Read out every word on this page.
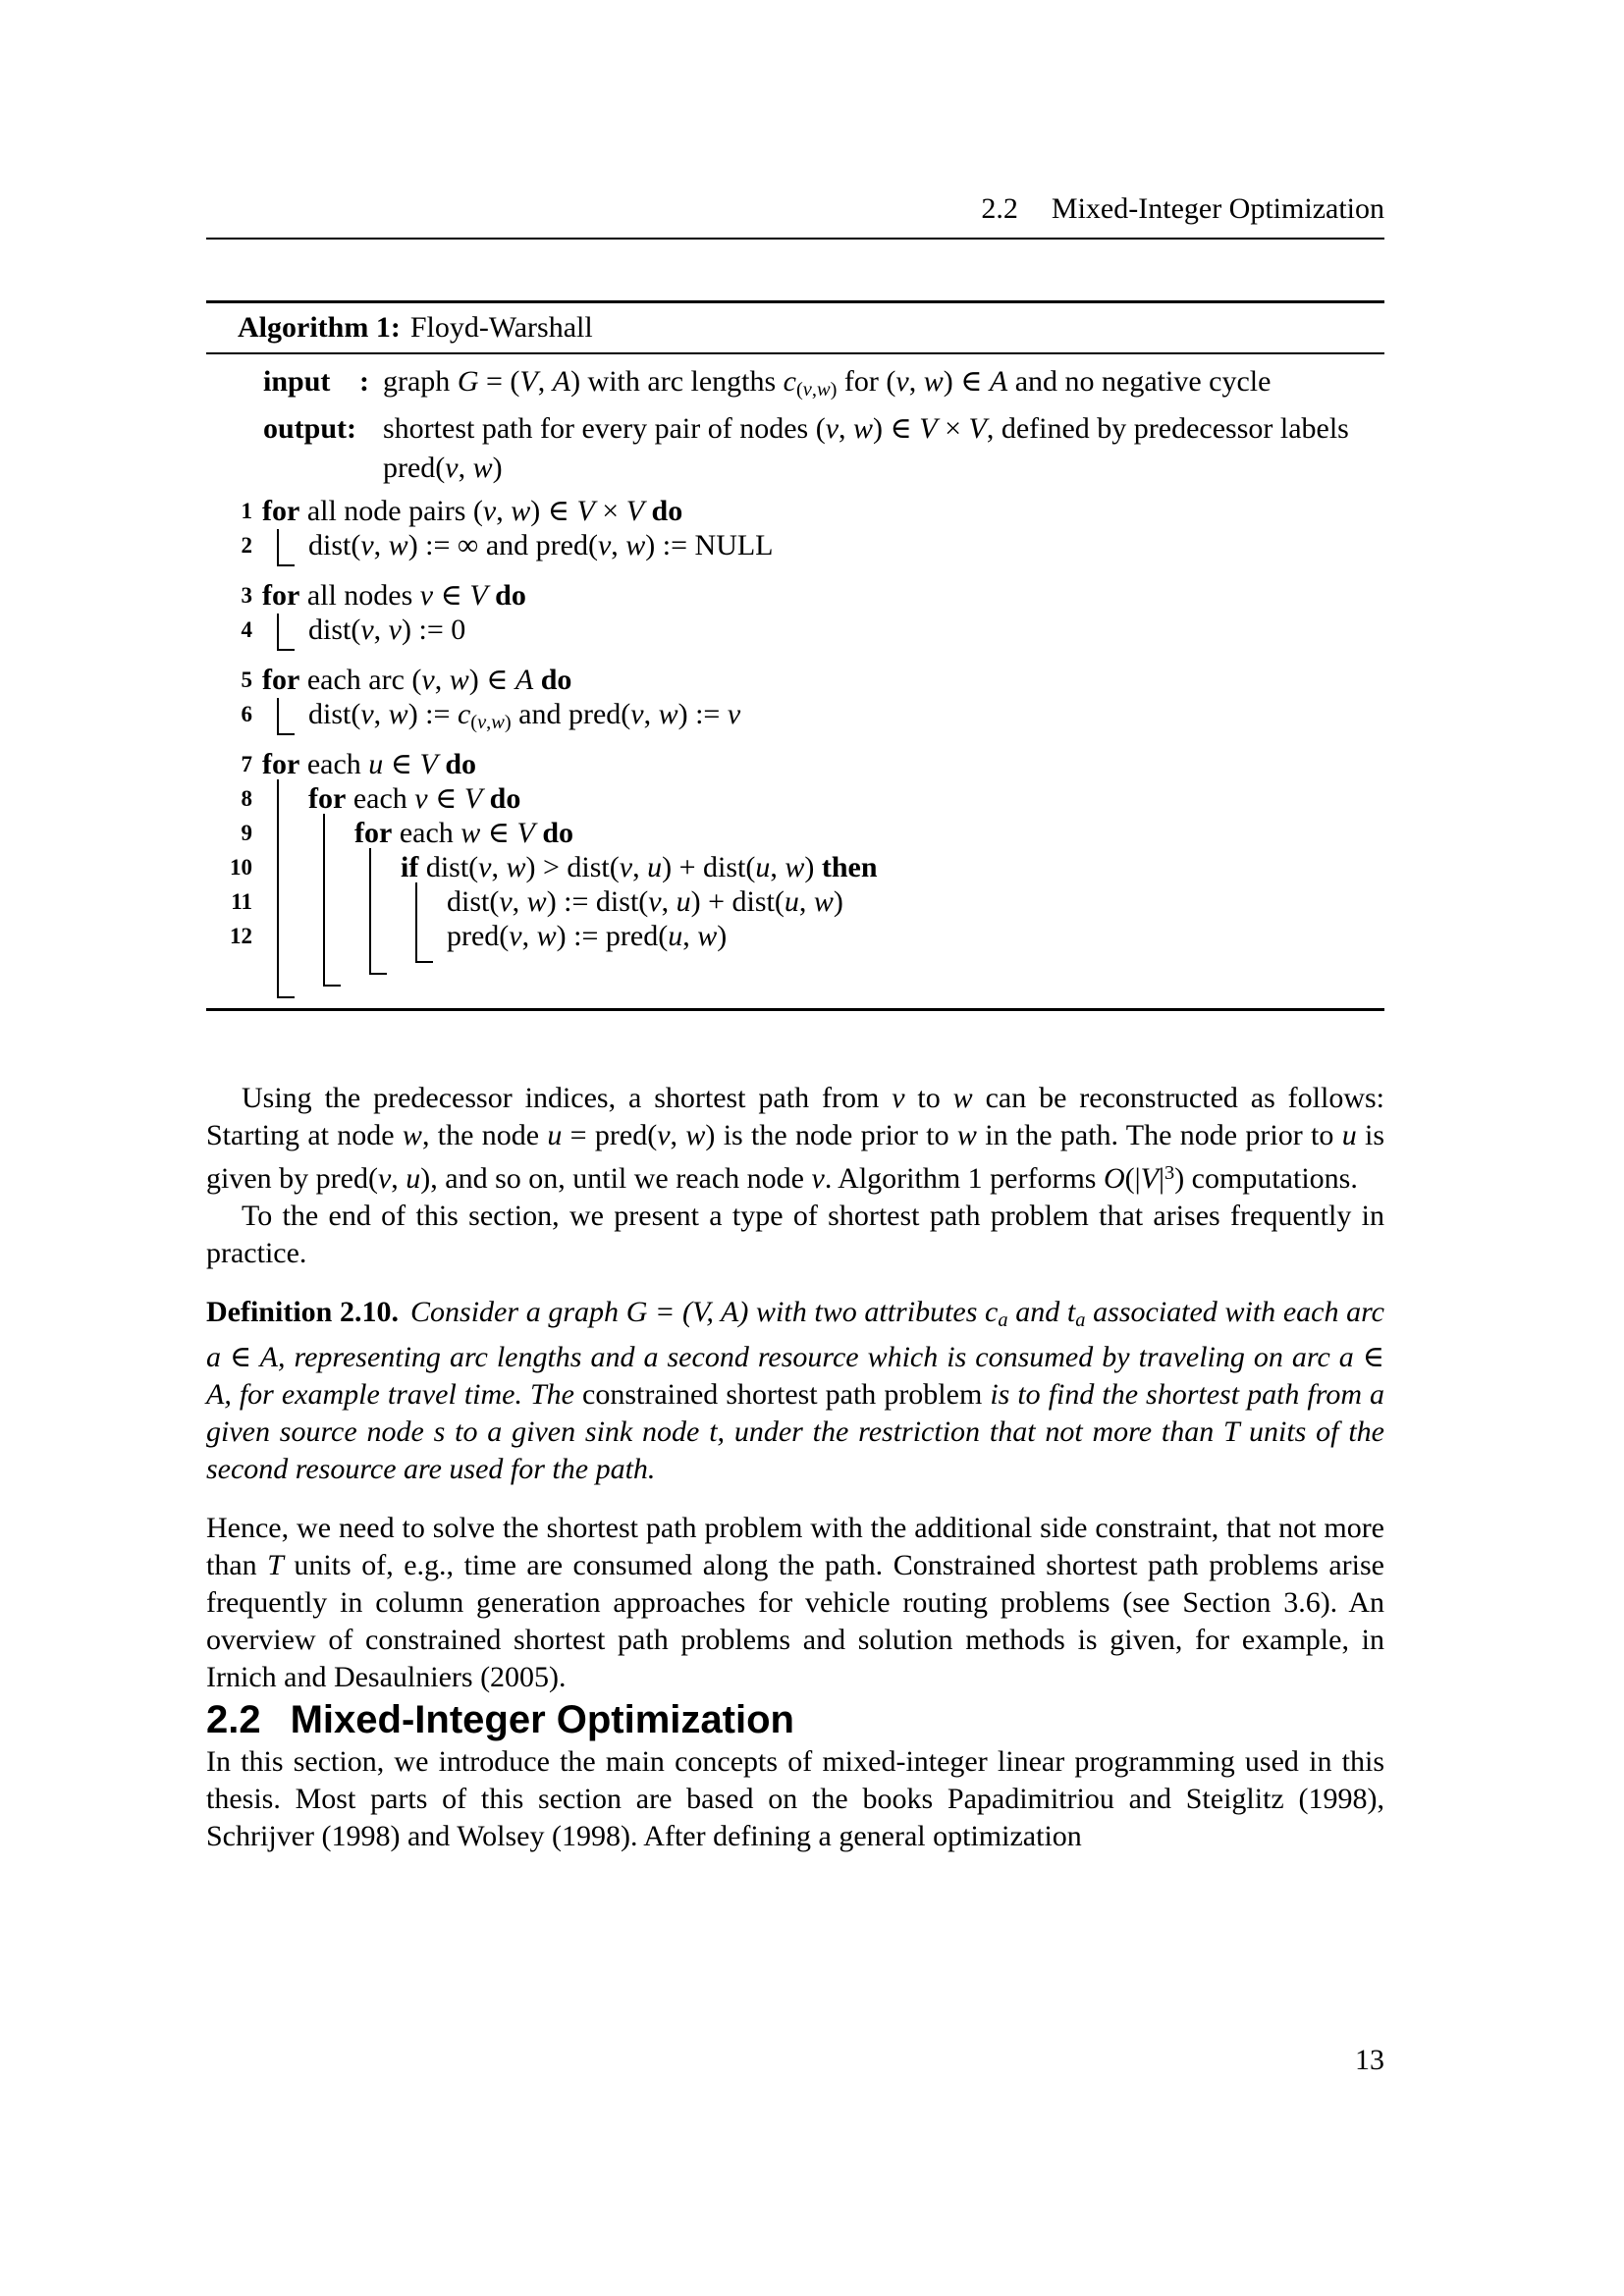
2.2 Mixed-Integer Optimization
Algorithm 1: Floyd-Warshall
input : graph G = (V, A) with arc lengths $c_{(v,w)}$ for (v, w) ∈ A and no negative cycle
output: shortest path for every pair of nodes (v, w) ∈ V × V, defined by predecessor labels pred(v, w)
1 for all node pairs (v, w) ∈ V × V do
2 dist(v, w) := ∞ and pred(v, w) := NULL
3 for all nodes v ∈ V do
4 dist(v, v) := 0
5 for each arc (v, w) ∈ A do
6 dist(v, w) := $c_{(v,w)}$ and pred(v, w) := v
7 for each u ∈ V do
8 for each v ∈ V do
9	for each w ∈ V do
10	if dist(v, w) > dist(v, u) + dist(u, w) then
11	dist(v, w) := dist(v, u) + dist(u, w)
12	pred(v, w) := pred(u, w)

Using the predecessor indices, a shortest path from v to w can be reconstructed as follows: Starting at node w, the node u = pred(v, w) is the node prior to w in the path. The node prior to u is given by pred(v, u), and so on, until we reach node v. Algorithm 1 performs $O(|V|^3)$ computations.

To the end of this section, we present a type of shortest path problem that arises frequently in practice.

Definition 2.10. Consider a graph G = (V, A) with two attributes $c_a$ and $t_a$ associated with each arc a ∈ A, representing arc lengths and a second resource which is consumed by traveling on arc a ∈ A, for example travel time. The constrained shortest path problem is to find the shortest path from a given source node s to a given sink node t, under the restriction that not more than T units of the second resource are used for the path.

Hence, we need to solve the shortest path problem with the additional side constraint, that not more than T units of, e.g., time are consumed along the path. Constrained shortest path problems arise frequently in column generation approaches for vehicle routing problems (see Section 3.6). An overview of constrained shortest path problems and solution methods is given, for example, in Irnich and Desaulniers (2005).

2.2 Mixed-Integer Optimization

In this section, we introduce the main concepts of mixed-integer linear programming used in this thesis. Most parts of this section are based on the books Papadimitriou and Steiglitz (1998), Schrijver (1998) and Wolsey (1998). After defining a general optimization

13
